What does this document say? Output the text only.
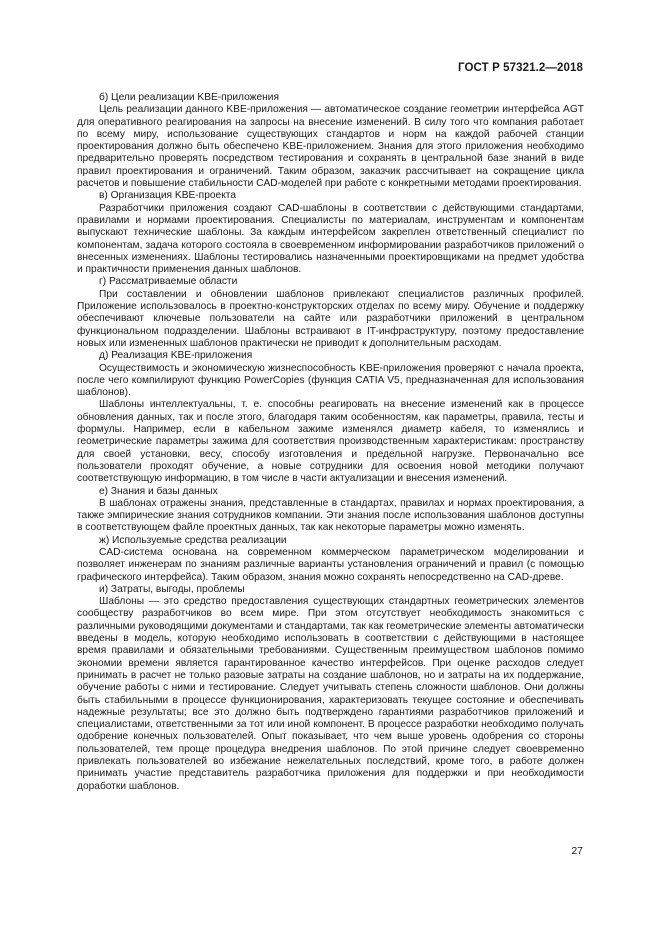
ГОСТ Р 57321.2—2018

б) Цели реализации KBE-приложения

Цель реализации данного KBE-приложения — автоматическое создание геометрии интерфейса AGT для оперативного реагирования на запросы на внесение изменений. В силу того что компания работает по всему миру, использование существующих стандартов и норм на каждой рабочей станции проектирования должно быть обеспечено KBE-приложением. Знания для этого приложения необходимо предварительно проверять посредством тестирования и сохранять в центральной базе знаний в виде правил проектирования и ограничений. Таким образом, заказчик рассчитывает на сокращение цикла расчетов и повышение стабильности CAD-моделей при работе с конкретными методами проектирования.

в) Организация KBE-проекта

Разработчики приложения создают CAD-шаблоны в соответствии с действующими стандартами, правилами и нормами проектирования. Специалисты по материалам, инструментам и компонентам выпускают технические шаблоны. За каждым интерфейсом закреплен ответственный специалист по компонентам, задача которого состояла в своевременном информировании разработчиков приложений о внесенных изменениях. Шаблоны тестировались назначенными проектировщиками на предмет удобства и практичности применения данных шаблонов.

г) Рассматриваемые области

При составлении и обновлении шаблонов привлекают специалистов различных профилей. Приложение использовалось в проектно-конструкторских отделах по всему миру. Обучение и поддержку обеспечивают ключевые пользователи на сайте или разработчики приложений в центральном функциональном подразделении. Шаблоны встраивают в IT-инфраструктуру, поэтому предоставление новых или измененных шаблонов практически не приводит к дополнительным расходам.

д) Реализация KBE-приложения

Осуществимость и экономическую жизнеспособность KBE-приложения проверяют с начала проекта, после чего компилируют функцию PowerCopies (функция CATIA V5, предназначенная для использования шаблонов).

Шаблоны интеллектуальны, т. е. способны реагировать на внесение изменений как в процессе обновления данных, так и после этого, благодаря таким особенностям, как параметры, правила, тесты и формулы. Например, если в кабельном зажиме изменялся диаметр кабеля, то изменялись и геометрические параметры зажима для соответствия производственным характеристикам: пространству для своей установки, весу, способу изготовления и предельной нагрузке. Первоначально все пользователи проходят обучение, а новые сотрудники для освоения новой методики получают соответствующую информацию, в том числе в части актуализации и внесения изменений.

е) Знания и базы данных

В шаблонах отражены знания, представленные в стандартах, правилах и нормах проектирования, а также эмпирические знания сотрудников компании. Эти знания после использования шаблонов доступны в соответствующем файле проектных данных, так как некоторые параметры можно изменять.

ж) Используемые средства реализации

CAD-система основана на современном коммерческом параметрическом моделировании и позволяет инженерам по знаниям различные варианты установления ограничений и правил (с помощью графического интерфейса). Таким образом, знания можно сохранять непосредственно на CAD-древе.

и) Затраты, выгоды, проблемы

Шаблоны — это средство предоставления существующих стандартных геометрических элементов сообществу разработчиков во всем мире. При этом отсутствует необходимость знакомиться с различными руководящими документами и стандартами, так как геометрические элементы автоматически введены в модель, которую необходимо использовать в соответствии с действующими в настоящее время правилами и обязательными требованиями. Существенным преимуществом шаблонов помимо экономии времени является гарантированное качество интерфейсов. При оценке расходов следует принимать в расчет не только разовые затраты на создание шаблонов, но и затраты на их поддержание, обучение работы с ними и тестирование. Следует учитывать степень сложности шаблонов. Они должны быть стабильными в процессе функционирования, характеризовать текущее состояние и обеспечивать надежные результаты; все это должно быть подтверждено гарантиями разработчиков приложений и специалистами, ответственными за тот или иной компонент. В процессе разработки необходимо получать одобрение конечных пользователей. Опыт показывает, что чем выше уровень одобрения со стороны пользователей, тем проще процедура внедрения шаблонов. По этой причине следует своевременно привлекать пользователей во избежание нежелательных последствий, кроме того, в работе должен принимать участие представитель разработчика приложения для поддержки и при необходимости доработки шаблонов.

27
